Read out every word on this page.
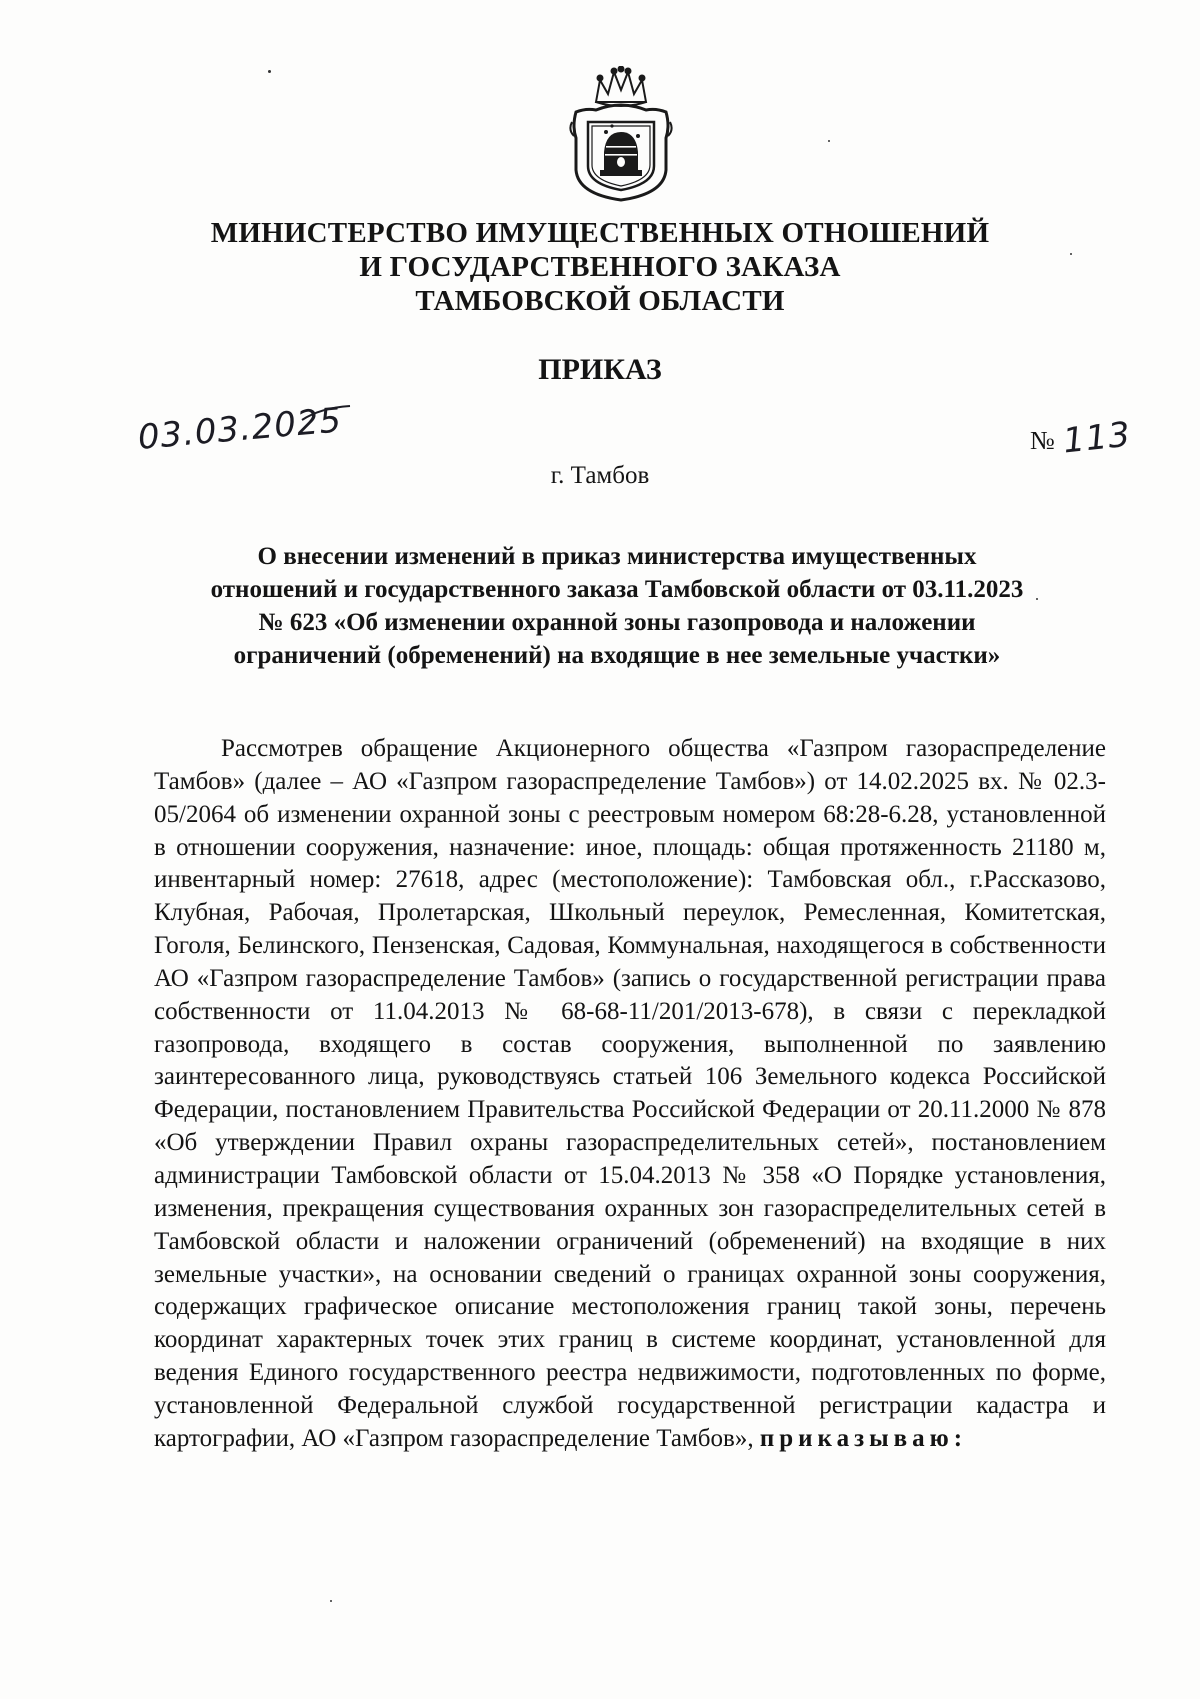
МИНИСТЕРСТВО ИМУЩЕСТВЕННЫХ ОТНОШЕНИЙ
И ГОСУДАРСТВЕННОГО ЗАКАЗА
ТАМБОВСКОЙ ОБЛАСТИ
ПРИКАЗ
03.03.2025	№ 113
г. Тамбов
О внесении изменений в приказ министерства имущественных
отношений и государственного заказа Тамбовской области от 03.11.2023
№ 623 «Об изменении охранной зоны газопровода и наложении
ограничений (обременений) на входящие в нее земельные участки»

Рассмотрев обращение Акционерного общества «Газпром газораспределение Тамбов» (далее – АО «Газпром газораспределение Тамбов») от 14.02.2025 вх. № 02.3-05/2064 об изменении охранной зоны с реестровым номером 68:28-6.28, установленной в отношении сооружения, назначение: иное, площадь: общая протяженность 21180 м, инвентарный номер: 27618, адрес (местоположение): Тамбовская обл., г.Рассказово, Клубная, Рабочая, Пролетарская, Школьный переулок, Ремесленная, Комитетская, Гоголя, Белинского, Пензенская, Садовая, Коммунальная, находящегося в собственности АО «Газпром газораспределение Тамбов» (запись о государственной регистрации права собственности от 11.04.2013 № 68-68-11/201/2013-678), в связи с перекладкой газопровода, входящего в состав сооружения, выполненной по заявлению заинтересованного лица, руководствуясь статьей 106 Земельного кодекса Российской Федерации, постановлением Правительства Российской Федерации от 20.11.2000 № 878 «Об утверждении Правил охраны газораспределительных сетей», постановлением администрации Тамбовской области от 15.04.2013 № 358 «О Порядке установления, изменения, прекращения существования охранных зон газораспределительных сетей в Тамбовской области и наложении ограничений (обременений) на входящие в них земельные участки», на основании сведений о границах охранной зоны сооружения, содержащих графическое описание местоположения границ такой зоны, перечень координат характерных точек этих границ в системе координат, установленной для ведения Единого государственного реестра недвижимости, подготовленных по форме, установленной Федеральной службой государственной регистрации кадастра и картографии, АО «Газпром газораспределение Тамбов», приказываю:
